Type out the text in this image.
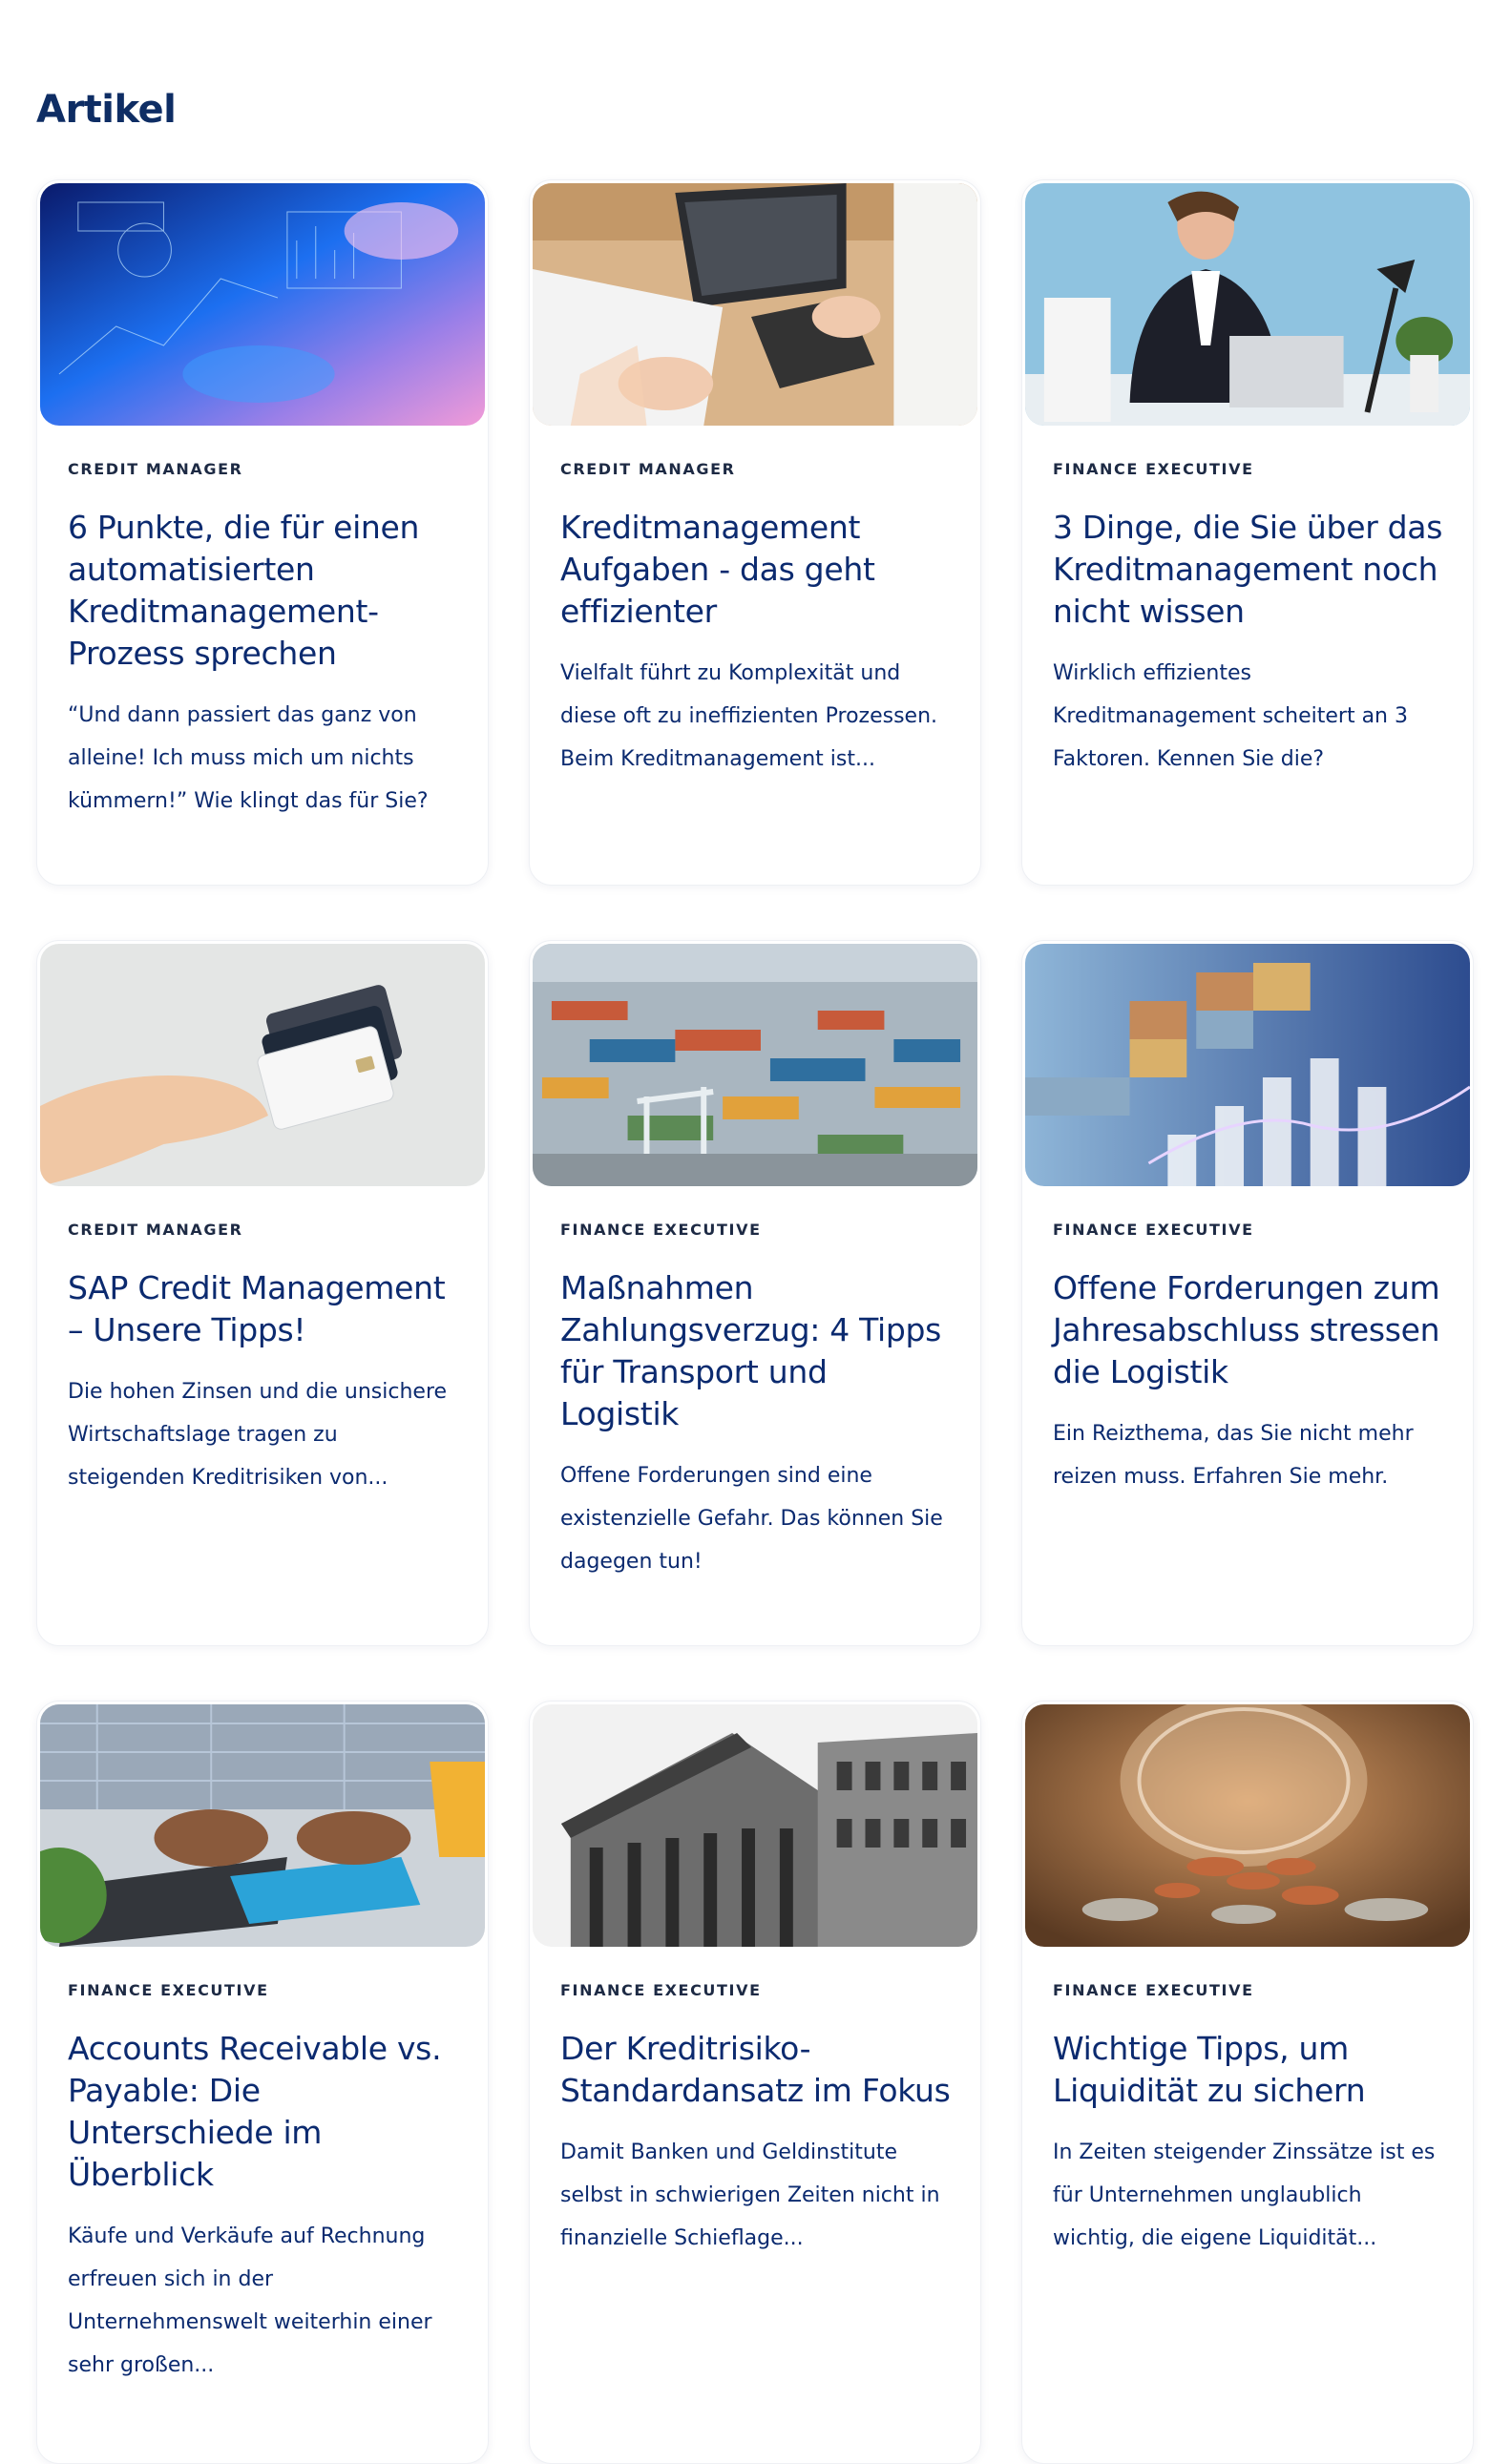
Artikel

CREDIT MANAGER

6 Punkte, die für einen automatisierten Kreditmanagement-Prozess sprechen

“Und dann passiert das ganz von alleine! Ich muss mich um nichts kümmern!” Wie klingt das für Sie?

CREDIT MANAGER

Kreditmanagement Aufgaben - das geht effizienter

Vielfalt führt zu Komplexität und diese oft zu ineffizienten Prozessen. Beim Kreditmanagement ist...

FINANCE EXECUTIVE

3 Dinge, die Sie über das Kreditmanagement noch nicht wissen

Wirklich effizientes Kreditmanagement scheitert an 3 Faktoren. Kennen Sie die?

CREDIT MANAGER

SAP Credit Management – Unsere Tipps!

Die hohen Zinsen und die unsichere Wirtschaftslage tragen zu steigenden Kreditrisiken von...

FINANCE EXECUTIVE

Maßnahmen Zahlungsverzug: 4 Tipps für Transport und Logistik

Offene Forderungen sind eine existenzielle Gefahr. Das können Sie dagegen tun!

FINANCE EXECUTIVE

Offene Forderungen zum Jahresabschluss stressen die Logistik

Ein Reizthema, das Sie nicht mehr reizen muss. Erfahren Sie mehr.

FINANCE EXECUTIVE

Accounts Receivable vs. Payable: Die Unterschiede im Überblick

Käufe und Verkäufe auf Rechnung erfreuen sich in der Unternehmenswelt weiterhin einer sehr großen...

FINANCE EXECUTIVE

Der Kreditrisiko-Standardansatz im Fokus

Damit Banken und Geldinstitute selbst in schwierigen Zeiten nicht in finanzielle Schieflage...

FINANCE EXECUTIVE

Wichtige Tipps, um Liquidität zu sichern

In Zeiten steigender Zinssätze ist es für Unternehmen unglaublich wichtig, die eigene Liquidität...
